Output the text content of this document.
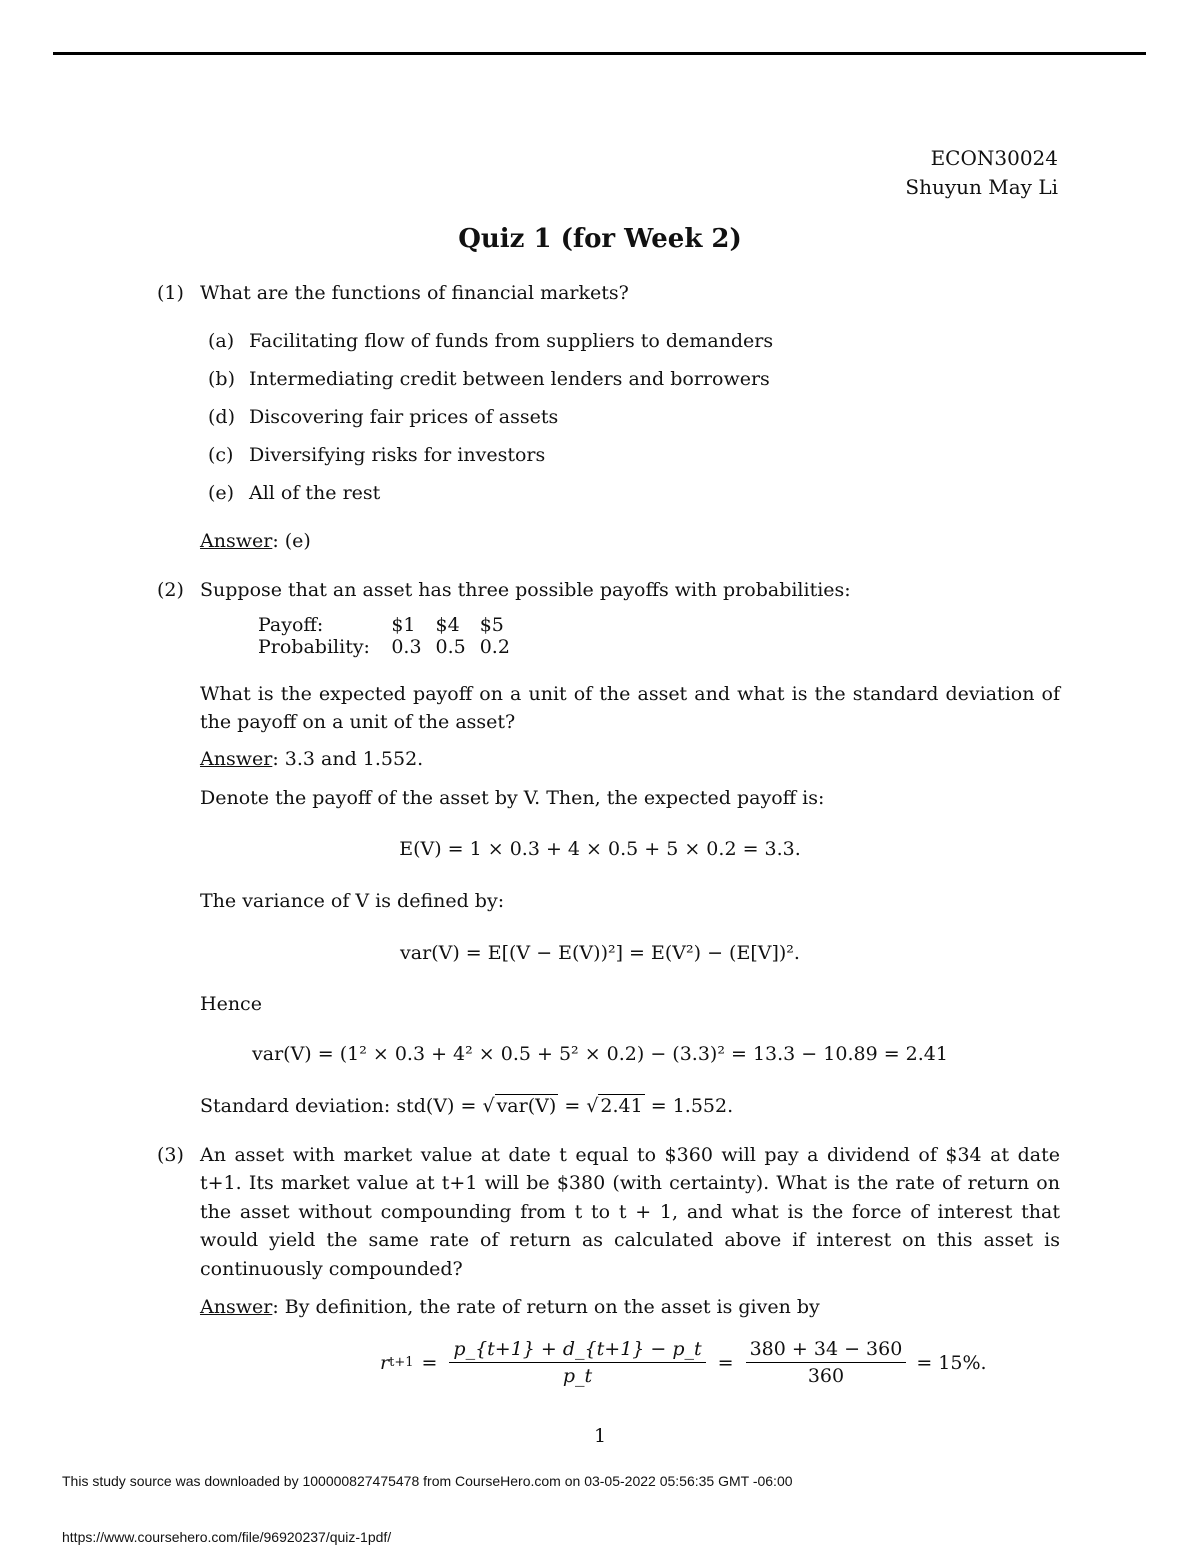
ECON30024
Shuyun May Li
Quiz 1 (for Week 2)
(1) What are the functions of financial markets?
(a) Facilitating flow of funds from suppliers to demanders
(b) Intermediating credit between lenders and borrowers
(d) Discovering fair prices of assets
(c) Diversifying risks for investors
(e) All of the rest
Answer: (e)
(2) Suppose that an asset has three possible payoffs with probabilities:
Payoff:	$1	$4	$5
Probability:	0.3	0.5	0.2
What is the expected payoff on a unit of the asset and what is the standard deviation of the payoff on a unit of the asset?
Answer: 3.3 and 1.552.
Denote the payoff of the asset by V. Then, the expected payoff is:
E(V) = 1 × 0.3 + 4 × 0.5 + 5 × 0.2 = 3.3.
The variance of V is defined by:
var(V) = E[(V − E(V))²] = E(V²) − (E[V])².
Hence
var(V) = (1² × 0.3 + 4² × 0.5 + 5² × 0.2) − (3.3)² = 13.3 − 10.89 = 2.41
Standard deviation: std(V) = √ var(V) = √ 2.41 = 1.552.
(3) An asset with market value at date t equal to $360 will pay a dividend of $34 at date t+1. Its market value at t+1 will be $380 (with certainty). What is the rate of return on the asset without compounding from t to t + 1, and what is the force of interest that would yield the same rate of return as calculated above if interest on this asset is continuously compounded?
Answer: By definition, the rate of return on the asset is given by
r $t+1 = \frac{p\_\{t+1\} + d\_\{t+1\} - p\_t}{p\_t} = \frac{380 + 34 - 360}{360} = 15\%$.
1
This study source was downloaded by 100000827475478 from CourseHero.com on 03-05-2022 05:56:35 GMT -06:00
https://www.coursehero.com/file/96920237/quiz-1pdf/
